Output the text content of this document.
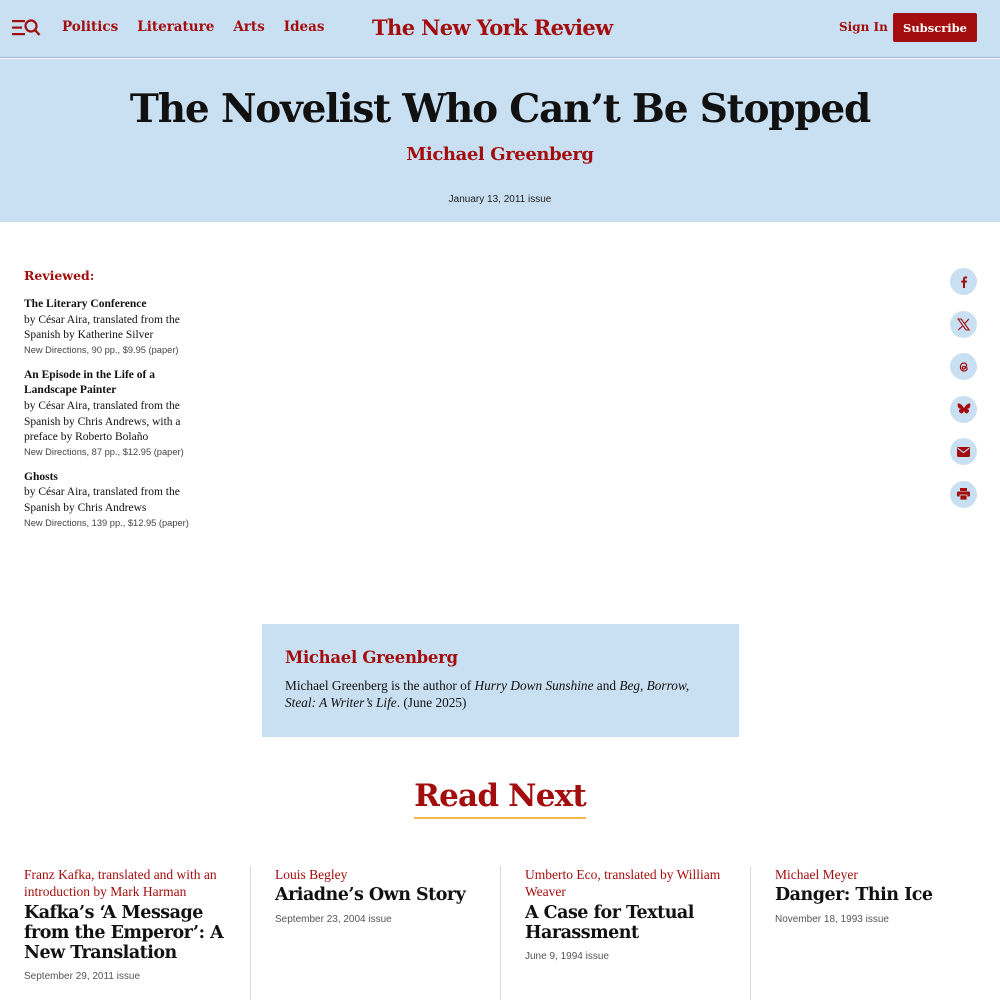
Politics Literature Arts Ideas The New York Review	Sign In	Subscribe
The Novelist Who Can’t Be Stopped
Michael Greenberg
January 13, 2011 issue
Reviewed:
The Literary Conference
by César Aira, translated from the Spanish by Katherine Silver
New Directions, 90 pp., $9.95 (paper)
An Episode in the Life of a Landscape Painter
by César Aira, translated from the Spanish by Chris Andrews, with a preface by Roberto Bolaño
New Directions, 87 pp., $12.95 (paper)
Ghosts
by César Aira, translated from the Spanish by Chris Andrews
New Directions, 139 pp., $12.95 (paper)
Michael Greenberg

Michael Greenberg is the author of Hurry Down Sunshine and Beg, Borrow, Steal: A Writer’s Life. (June 2025)

Read Next
Franz Kafka, translated and with an introduction by Mark Harman
Kafka’s ‘A Message from the Emperor’: A New Translation
September 29, 2011 issue
Louis Begley
Ariadne’s Own Story
September 23, 2004 issue
Umberto Eco, translated by William Weaver
A Case for Textual Harassment
June 9, 1994 issue
Michael Meyer
Danger: Thin Ice
November 18, 1993 issue
